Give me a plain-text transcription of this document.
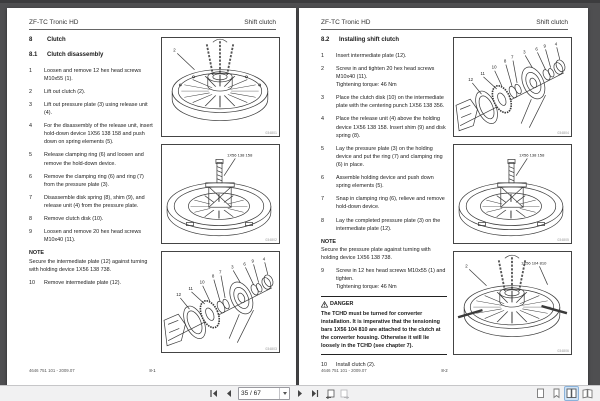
ZF-TC Tronic HD	Shift clutch
8	Clutch
8.1	Clutch disassembly
1	Loosen and remove 12 hex head screws M10x55 (1).
2	Lift out clutch (2).
3	Lift out pressure plate (3) using release unit (4).
4	For the disassembly of the release unit, insert hold-down device 1X56 138 158 and push down on spring elements (5).
5	Release clamping ring (6) and loosen and remove the hold-down device.
6	Remove the clamping ring (6) and ring (7) from the pressure plate (3).
7	Disassemble disk spring (8), shim (9), and release unit (4) from the pressure plate.
8	Remove clutch disk (10).
9	Loosen and remove 20 hex head screws M10x40 (11).
NOTE
Secure the intermediate plate (12) against turning with holding device 1X56 138 738.
10	Remove intermediate plate (12).
2
034801
1X56 138 158
034802
12
11
10
8
7
3
6
9 4
034803
4646 751 101 - 2009.07	8-1
ZF-TC Tronic HD	Shift clutch
8.2	Installing shift clutch
1	Insert intermediate plate (12).
2	Screw in and tighten 20 hex head screws M10x40 (11).
Tightening torque: 46 Nm
3	Place the clutch disk (10) on the intermediate plate with the centering punch 1X56 138 356.
4	Place the release unit (4) above the holding device 1X56 138 158. Insert shim (9) and disk spring (8).
5	Lay the pressure plate (3) on the holding device and put the ring (7) and clamping ring (6) in place.
6	Assemble holding device and push down spring elements (5).
7	Snap in clamping ring (6), relieve and remove hold-down device.
8	Lay the completed pressure plate (3) on the intermediate plate (12).
NOTE
Secure the pressure plate against turning with holding device 1X56 138 738.
9	Screw in 12 hex head screws M10x55 (1) and tighten.
Tightening torque: 46 Nm
DANGER
The TCHD must be turned for converter installation. It is imperative that the tensioning bars 1X56 104 810 are attached to the clutch at the converter housing. Otherwise it will lie loosely in the TCHD (see chapter 7).
10	Install clutch (2).
12
11
10
8
7
3
6
9 4
034804
1X56 138 158
034805
2
1X56 104 810
034806
4646 751 101 - 2009.07	8-2
35 / 67
